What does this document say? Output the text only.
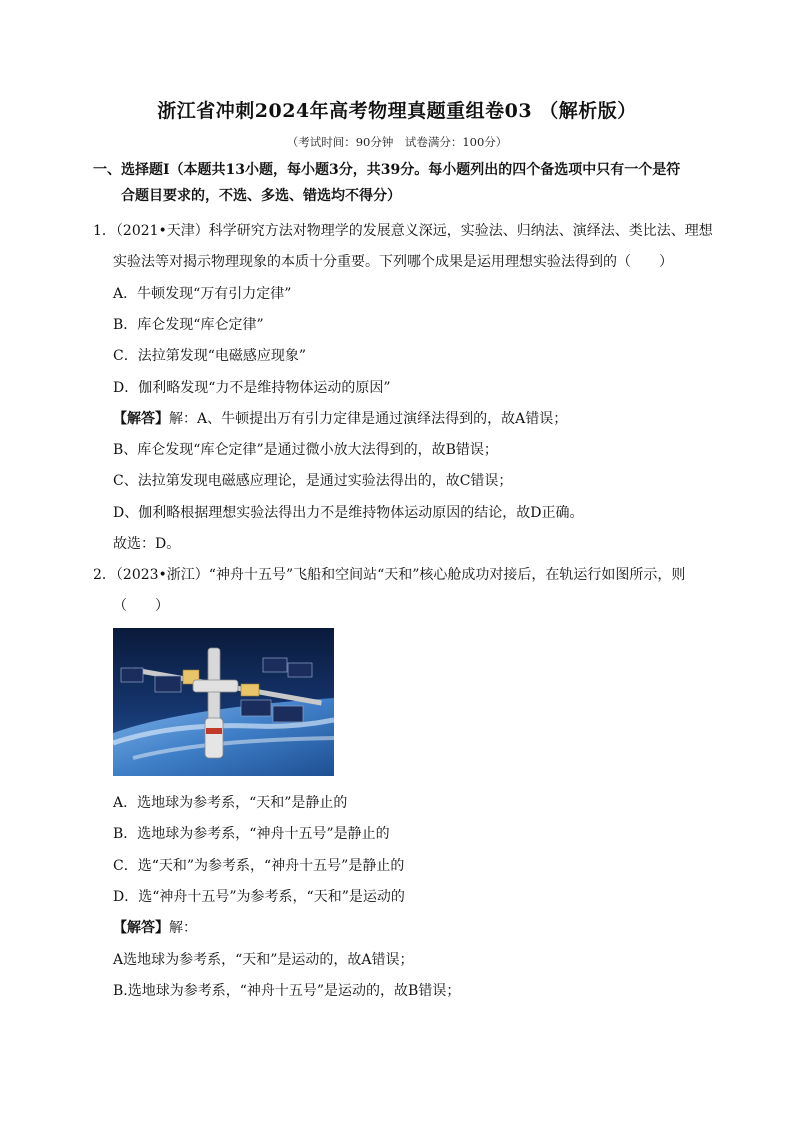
浙江省冲刺2024年高考物理真题重组卷03 （解析版）
（考试时间：90分钟　试卷满分：100分）
一、选择题Ⅰ（本题共13小题，每小题3分，共39分。每小题列出的四个备选项中只有一个是符
合题目要求的，不选、多选、错选均不得分）
1．（2021•天津）科学研究方法对物理学的发展意义深远，实验法、归纳法、演绎法、类比法、理想
实验法等对揭示物理现象的本质十分重要。下列哪个成果是运用理想实验法得到的（　　）
A．牛顿发现“万有引力定律”
B．库仑发现“库仑定律”
C．法拉第发现“电磁感应现象”
D．伽利略发现“力不是维持物体运动的原因”
【解答】解：A、牛顿提出万有引力定律是通过演绎法得到的，故A错误；
B、库仑发现“库仑定律”是通过微小放大法得到的，故B错误；
C、法拉第发现电磁感应理论，是通过实验法得出的，故C错误；
D、伽利略根据理想实验法得出力不是维持物体运动原因的结论，故D正确。
故选：D。
2．（2023•浙江）“神舟十五号”飞船和空间站“天和”核心舱成功对接后，在轨运行如图所示，则
（　　）
A．选地球为参考系，“天和”是静止的
B．选地球为参考系，“神舟十五号”是静止的
C．选“天和”为参考系，“神舟十五号”是静止的
D．选“神舟十五号”为参考系，“天和”是运动的
【解答】解：
A选地球为参考系，“天和”是运动的，故A错误；
B.选地球为参考系，“神舟十五号”是运动的，故B错误；
